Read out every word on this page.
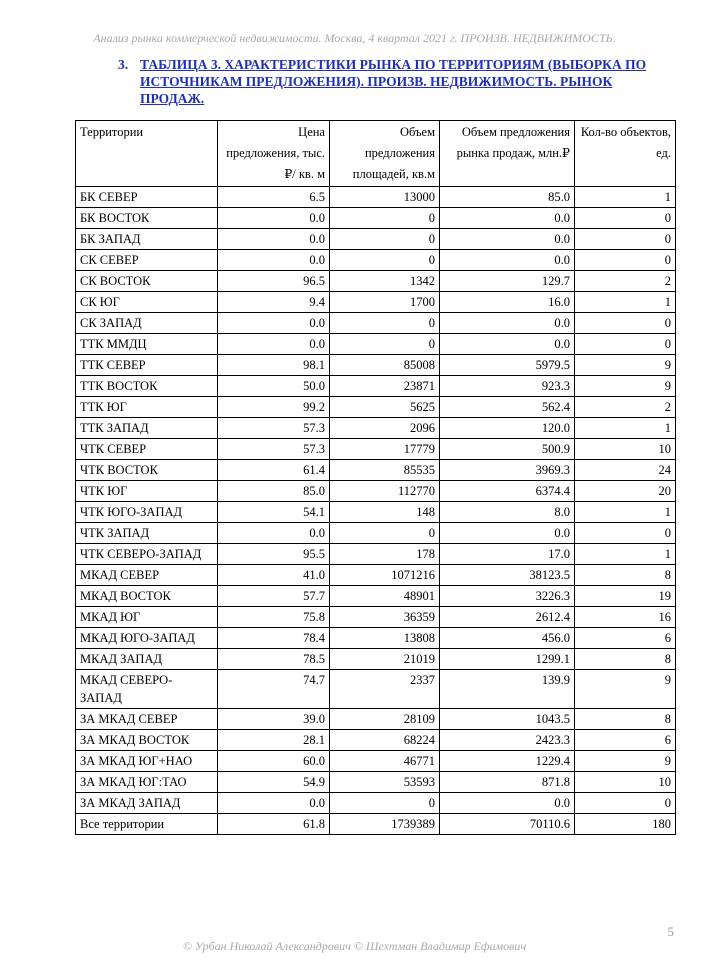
Анализ рынка коммерческой недвижимости. Москва, 4 квартал 2021 г. ПРОИЗВ. НЕДВИЖИМОСТЬ.
3. ТАБЛИЦА 3. ХАРАКТЕРИСТИКИ РЫНКА ПО ТЕРРИТОРИЯМ (ВЫБОРКА ПО ИСТОЧНИКАМ ПРЕДЛОЖЕНИЯ). ПРОИЗВ. НЕДВИЖИМОСТЬ. РЫНОК ПРОДАЖ.
Территории	Цена предложения, тыс.₽/ кв. м	Объем предложения площадей, кв.м	Объем предложения рынка продаж, млн.₽	Кол-во объектов, ед.
БК СЕВЕР	6.5	13000	85.0	1
БК ВОСТОК	0.0	0	0.0	0
БК ЗАПАД	0.0	0	0.0	0
СК СЕВЕР	0.0	0	0.0	0
СК ВОСТОК	96.5	1342	129.7	2
СК ЮГ	9.4	1700	16.0	1
СК ЗАПАД	0.0	0	0.0	0
ТТК ММДЦ	0.0	0	0.0	0
ТТК СЕВЕР	98.1	85008	5979.5	9
ТТК ВОСТОК	50.0	23871	923.3	9
ТТК ЮГ	99.2	5625	562.4	2
ТТК ЗАПАД	57.3	2096	120.0	1
ЧТК СЕВЕР	57.3	17779	500.9	10
ЧТК ВОСТОК	61.4	85535	3969.3	24
ЧТК ЮГ	85.0	112770	6374.4	20
ЧТК ЮГО-ЗАПАД	54.1	148	8.0	1
ЧТК ЗАПАД	0.0	0	0.0	0
ЧТК СЕВЕРО-ЗАПАД	95.5	178	17.0	1
МКАД СЕВЕР	41.0	1071216	38123.5	8
МКАД ВОСТОК	57.7	48901	3226.3	19
МКАД ЮГ	75.8	36359	2612.4	16
МКАД ЮГО-ЗАПАД	78.4	13808	456.0	6
МКАД ЗАПАД	78.5	21019	1299.1	8
МКАД СЕВЕРО-ЗАПАД	74.7	2337	139.9	9
ЗА МКАД СЕВЕР	39.0	28109	1043.5	8
ЗА МКАД ВОСТОК	28.1	68224	2423.3	6
ЗА МКАД ЮГ+НАО	60.0	46771	1229.4	9
ЗА МКАД ЮГ:ТАО	54.9	53593	871.8	10
ЗА МКАД ЗАПАД	0.0	0	0.0	0
Все территории	61.8	1739389	70110.6	180
5
© Урбан Николай Александрович © Шехтман Владимир Ефимович
